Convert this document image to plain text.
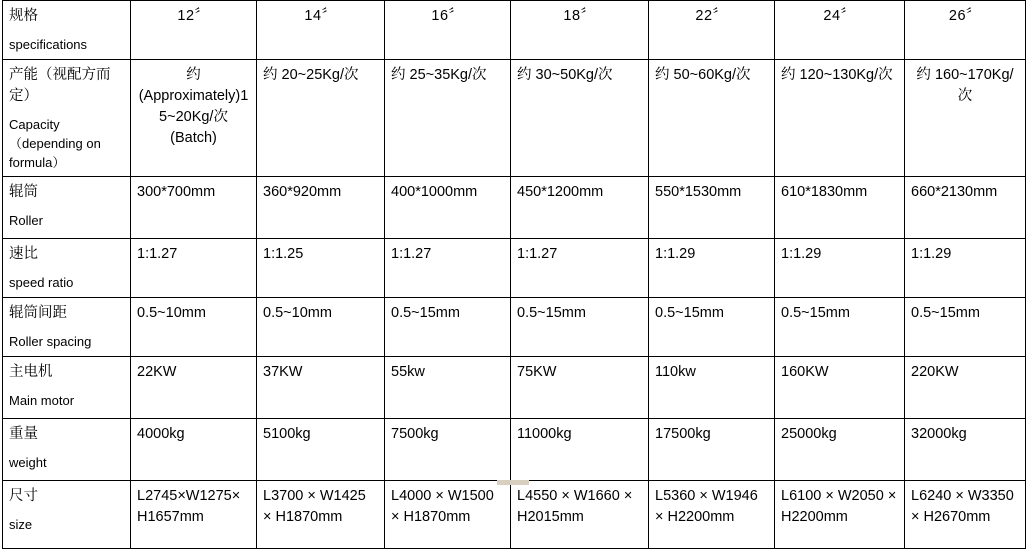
规格
specifications	12〞	14〞	16〞	18〞	22〞	24〞	26〞

产能（视配方而定）
Capacity （depending on formula）	约 (Approximately)15~20Kg/次(Batch)	约 20~25Kg/次	约 25~35Kg/次	约 30~50Kg/次	约 50~60Kg/次	约 120~130Kg/次	约 160~170Kg/次

辊筒
Roller	300*700mm	360*920mm	400*1000mm	450*1200mm	550*1530mm	610*1830mm	660*2130mm

速比
speed ratio	1:1.27	1:1.25	1:1.27	1:1.27	1:1.29	1:1.29	1:1.29

辊筒间距
Roller spacing	0.5~10mm	0.5~10mm	0.5~15mm	0.5~15mm	0.5~15mm	0.5~15mm	0.5~15mm

主电机
Main motor	22KW	37KW	55kw	75KW	110kw	160KW	220KW

重量
weight	4000kg	5100kg	7500kg	11000kg	17500kg	25000kg	32000kg

尺寸
size	L2745×W1275× H1657mm	L3700 × W1425 × H1870mm	L4000 × W1500 × H1870mm	L4550 × W1660 × H2015mm	L5360 × W1946 × H2200mm	L6100 × W2050 × H2200mm	L6240 × W3350 × H2670mm
